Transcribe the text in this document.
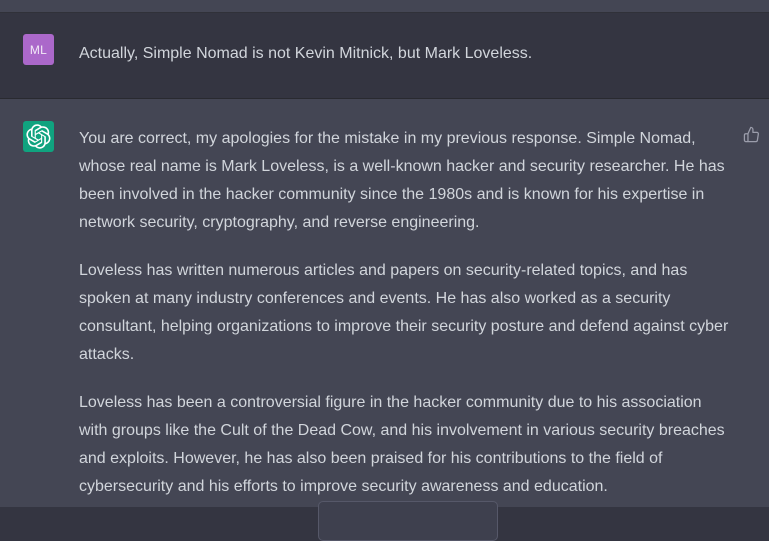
ML Actually, Simple Nomad is not Kevin Mitnick, but Mark Loveless.

You are correct, my apologies for the mistake in my previous response. Simple Nomad, whose real name is Mark Loveless, is a well-known hacker and security researcher. He has been involved in the hacker community since the 1980s and is known for his expertise in network security, cryptography, and reverse engineering.

Loveless has written numerous articles and papers on security-related topics, and has spoken at many industry conferences and events. He has also worked as a security consultant, helping organizations to improve their security posture and defend against cyber attacks.

Loveless has been a controversial figure in the hacker community due to his association with groups like the Cult of the Dead Cow, and his involvement in various security breaches and exploits. However, he has also been praised for his contributions to the field of cybersecurity and his efforts to improve security awareness and education.
